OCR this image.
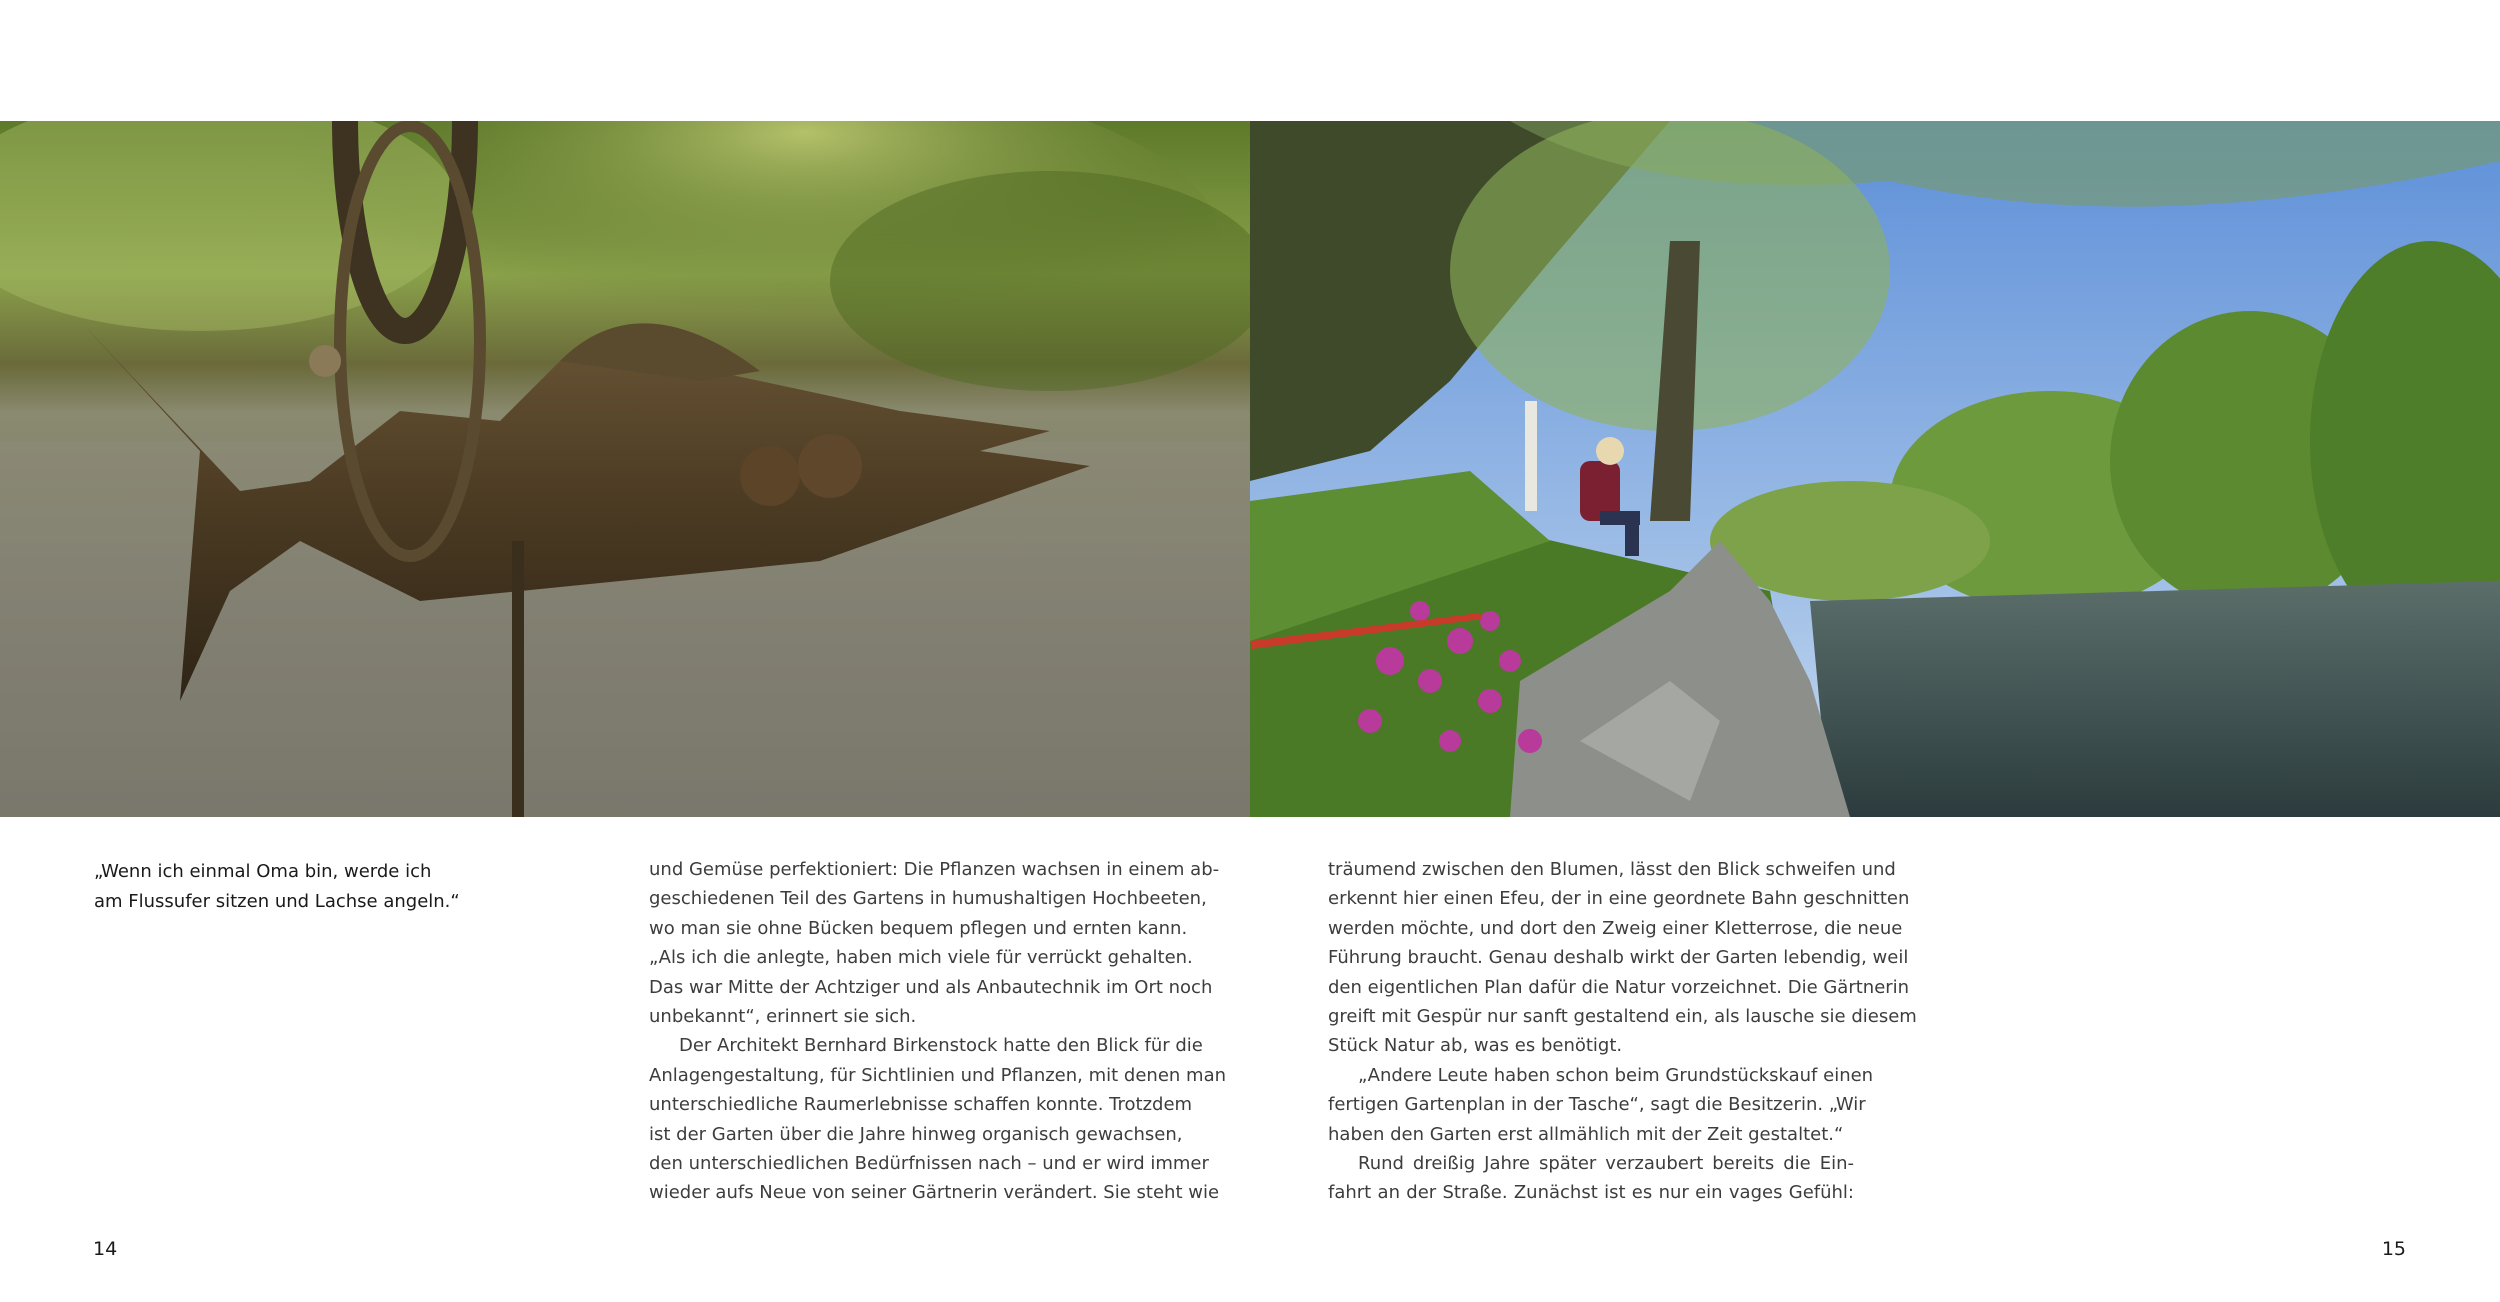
„Wenn ich einmal Oma bin, werde ich
am Flussufer sitzen und Lachse angeln.“
und Gemüse perfektioniert: Die Pflanzen wachsen in einem ab-
geschiedenen Teil des Gartens in humushaltigen Hochbeeten,
wo man sie ohne Bücken bequem pflegen und ernten kann.
„Als ich die anlegte, haben mich viele für verrückt gehalten.
Das war Mitte der Achtziger und als Anbautechnik im Ort noch
unbekannt“, erinnert sie sich.
Der Architekt Bernhard Birkenstock hatte den Blick für die
Anlagengestaltung, für Sichtlinien und Pflanzen, mit denen man
unterschiedliche Raumerlebnisse schaffen konnte. Trotzdem
ist der Garten über die Jahre hinweg organisch gewachsen,
den unterschiedlichen Bedürfnissen nach – und er wird immer
wieder aufs Neue von seiner Gärtnerin verändert. Sie steht wie
träumend zwischen den Blumen, lässt den Blick schweifen und
erkennt hier einen Efeu, der in eine geordnete Bahn geschnitten
werden möchte, und dort den Zweig einer Kletterrose, die neue
Führung braucht. Genau deshalb wirkt der Garten lebendig, weil
den eigentlichen Plan dafür die Natur vorzeichnet. Die Gärtnerin
greift mit Gespür nur sanft gestaltend ein, als lausche sie diesem
Stück Natur ab, was es benötigt.
„Andere Leute haben schon beim Grundstückskauf einen
fertigen Gartenplan in der Tasche“, sagt die Besitzerin. „Wir
haben den Garten erst allmählich mit der Zeit gestaltet.“
Rund dreißig Jahre später verzaubert bereits die Ein-
fahrt an der Straße. Zunächst ist es nur ein vages Gefühl:
14	15
